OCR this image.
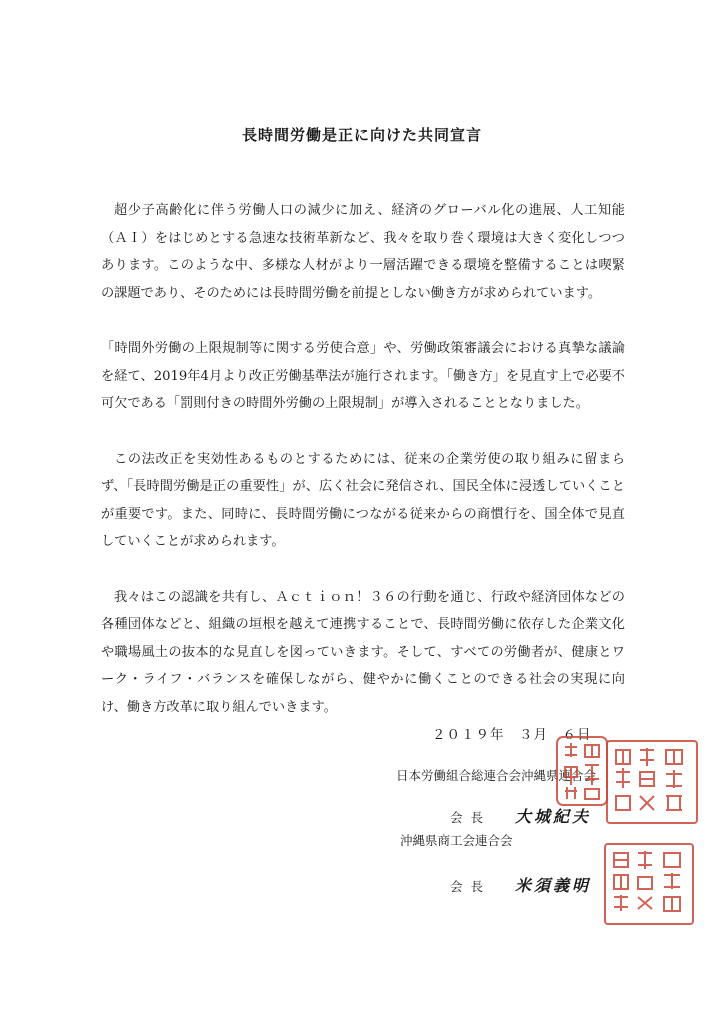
長時間労働是正に向けた共同宣言

超少子高齢化に伴う労働人口の減少に加え、経済のグローバル化の進展、人工知能（ＡＩ）をはじめとする急速な技術革新など、我々を取り巻く環境は大きく変化しつつあります。このような中、多様な人材がより一層活躍できる環境を整備することは喫緊の課題であり、そのためには長時間労働を前提としない働き方が求められています。

「時間外労働の上限規制等に関する労使合意」や、労働政策審議会における真摯な議論を経て、2019年4月より改正労働基準法が施行されます。「働き方」を見直す上で必要不可欠である「罰則付きの時間外労働の上限規制」が導入されることとなりました。

この法改正を実効性あるものとするためには、従来の企業労使の取り組みに留まらず、「長時間労働是正の重要性」が、広く社会に発信され、国民全体に浸透していくことが重要です。また、同時に、長時間労働につながる従来からの商慣行を、国全体で見直していくことが求められます。

我々はこの認識を共有し、Ａｃｔｉｏｎ！３６の行動を通じ、行政や経済団体などの各種団体などと、組織の垣根を越えて連携することで、長時間労働に依存した企業文化や職場風土の抜本的な見直しを図っていきます。そして、すべての労働者が、健康とワーク・ライフ・バランスを確保しながら、健やかに働くことのできる社会の実現に向け、働き方改革に取り組んでいきます。

２０１９年　３月　６日
日本労働組合総連合会沖縄県連合会
会長 大城紀夫
沖縄県商工会連合会
会長 米須義明
